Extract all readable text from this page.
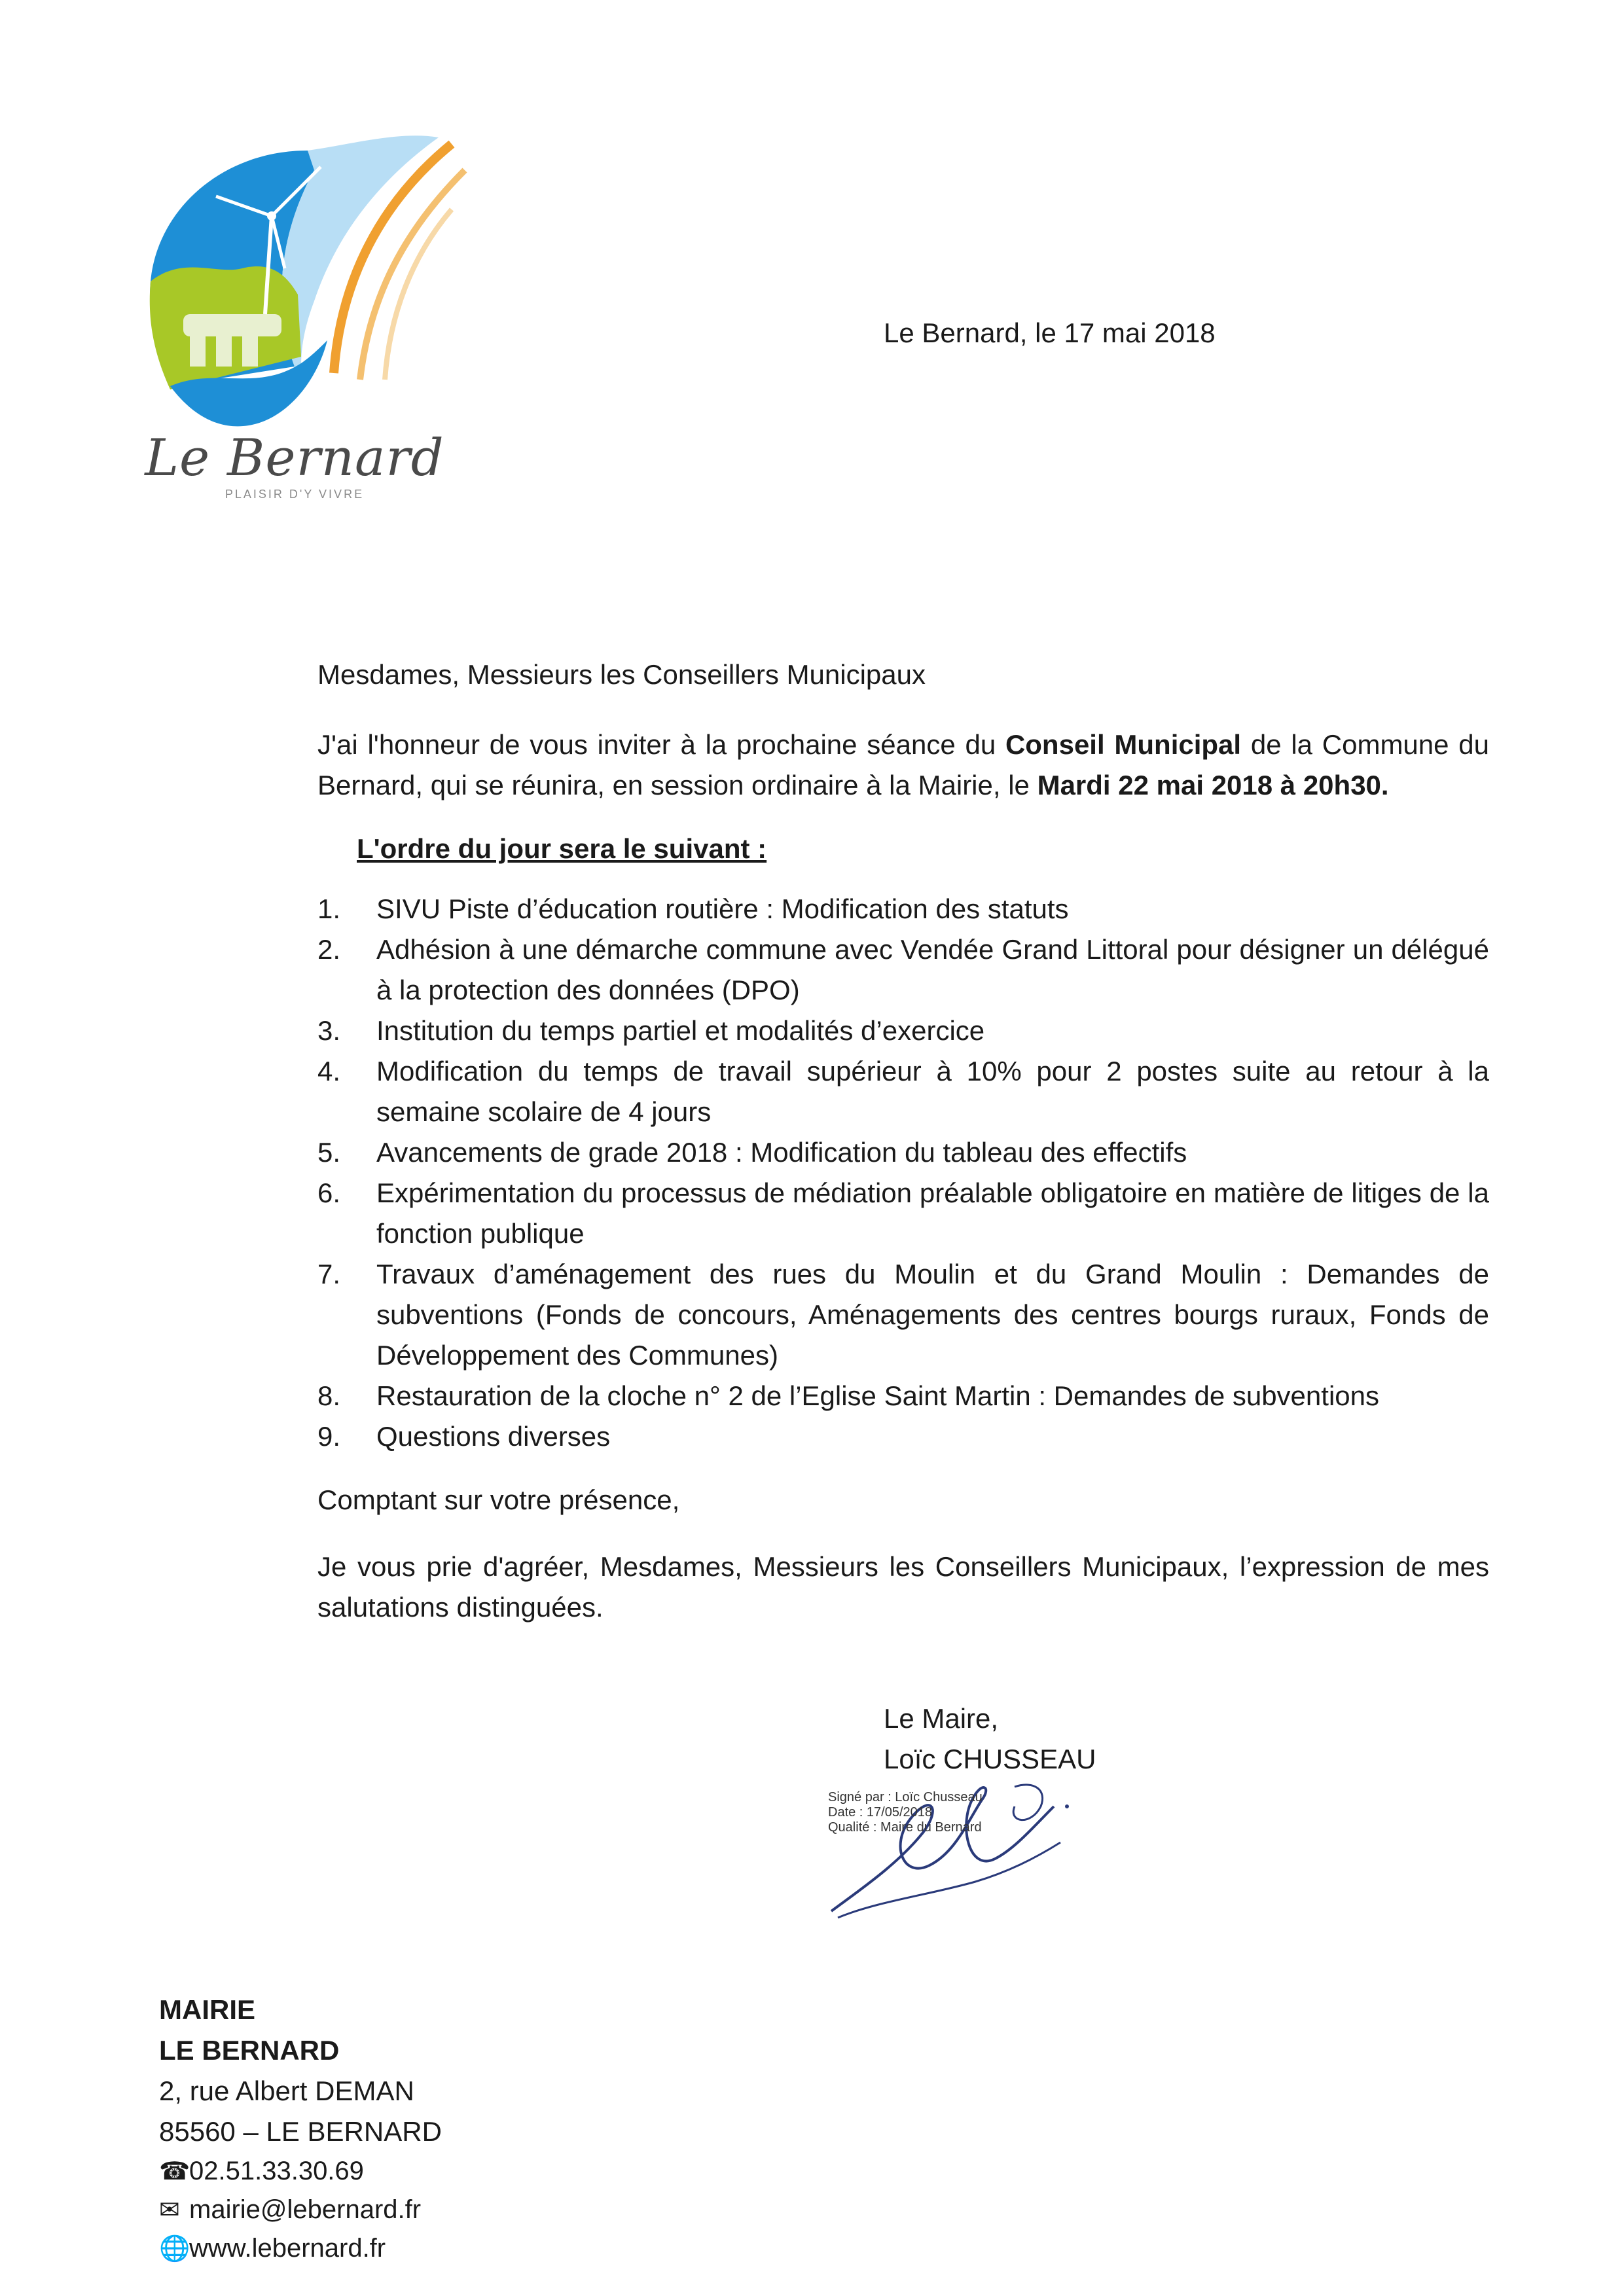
Le Bernard
PLAISIR D'Y VIVRE
Le Bernard, le 17 mai 2018

Mesdames, Messieurs les Conseillers Municipaux

J'ai l'honneur de vous inviter à la prochaine séance du Conseil Municipal de la Commune du Bernard, qui se réunira, en session ordinaire à la Mairie, le Mardi 22 mai 2018 à 20h30.

L'ordre du jour sera le suivant :

1. SIVU Piste d’éducation routière : Modification des statuts
2. Adhésion à une démarche commune avec Vendée Grand Littoral pour désigner un délégué à la protection des données (DPO)
3. Institution du temps partiel et modalités d’exercice
4. Modification du temps de travail supérieur à 10% pour 2 postes suite au retour à la semaine scolaire de 4 jours
5. Avancements de grade 2018 : Modification du tableau des effectifs
6. Expérimentation du processus de médiation préalable obligatoire en matière de litiges de la fonction publique
7. Travaux d’aménagement des rues du Moulin et du Grand Moulin : Demandes de subventions (Fonds de concours, Aménagements des centres bourgs ruraux, Fonds de Développement des Communes)
8. Restauration de la cloche n° 2 de l’Eglise Saint Martin : Demandes de subventions
9. Questions diverses

Comptant sur votre présence,

Je vous prie d'agréer, Mesdames, Messieurs les Conseillers Municipaux, l’expression de mes salutations distinguées.

Le Maire,
Loïc CHUSSEAU
Signé par : Loïc Chusseau
Date : 17/05/2018
Qualité : Maire du Bernard
MAIRIE
LE BERNARD
2, rue Albert DEMAN
85560 – LE BERNARD
☎02.51.33.30.69
✉ mairie@lebernard.fr
🌐www.lebernard.fr
